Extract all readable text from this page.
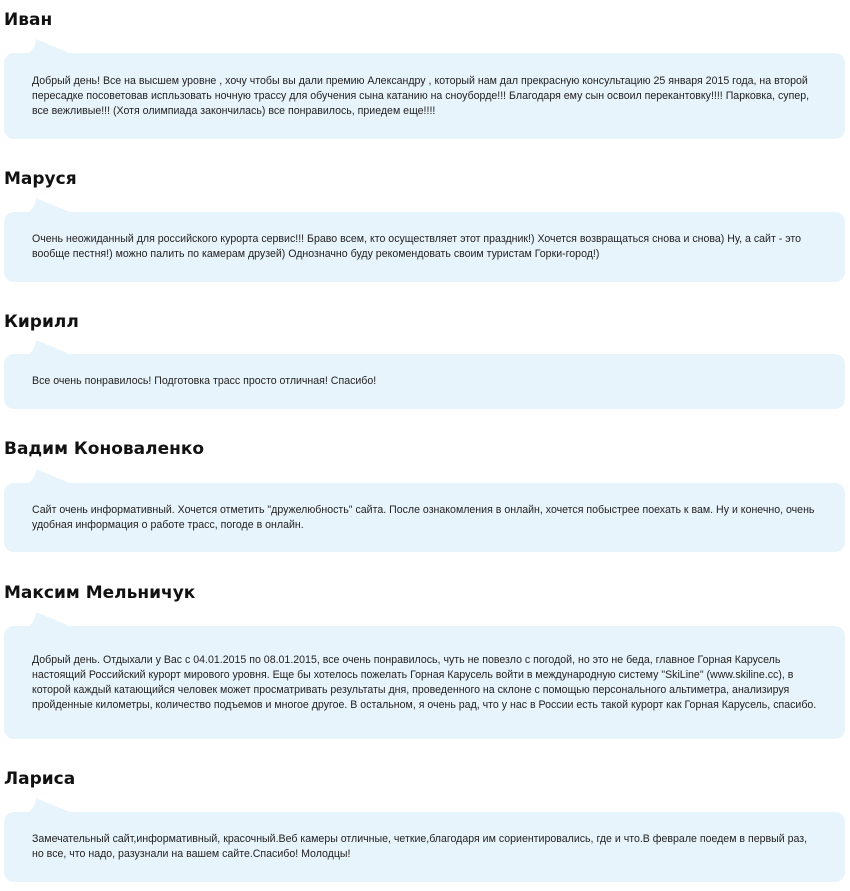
Иван

Добрый день! Все на высшем уровне , хочу чтобы вы дали премию Александру , который нам дал прекрасную консультацию 25 января 2015 года, на второй пересадке посоветовав испльзовать ночную трассу для обучения сына катанию на сноуборде!!! Благодаря ему сын освоил перекантовку!!!! Парковка, супер, все вежливые!!! (Хотя олимпиада закончилась) все понравилось, приедем еще!!!!

Маруся

Очень неожиданный для российского курорта сервис!!! Браво всем, кто осуществляет этот праздник!) Хочется возвращаться снова и снова) Ну, а сайт - это вообще пестня!) можно палить по камерам друзей) Однозначно буду рекомендовать своим туристам Горки-город!)

Кирилл

Все очень понравилось! Подготовка трасс просто отличная! Спасибо!

Вадим Коноваленко

Сайт очень информативный. Хочется отметить "дружелюбность" сайта. После ознакомления в онлайн, хочется побыстрее поехать к вам. Ну и конечно, очень удобная информация о работе трасс, погоде в онлайн.

Максим Мельничук

Добрый день. Отдыхали у Вас с 04.01.2015 по 08.01.2015, все очень понравилось, чуть не повезло с погодой, но это не беда, главное Горная Карусель настоящий Российский курорт мирового уровня. Еще бы хотелось пожелать Горная Карусель войти в международную систему "SkiLine" (www.skiline.cc), в которой каждый катающийся человек может просматривать результаты дня, проведенного на склоне с помощью персонального альтиметра, анализируя пройденные километры, количество подъемов и многое другое. В остальном, я очень рад, что у нас в России есть такой курорт как Горная Карусель, спасибо.

Лариса

Замечательный сайт,информативный, красочный.Веб камеры отличные, четкие,благодаря им сориентировались, где и что.В феврале поедем в первый раз, но все, что надо, разузнали на вашем сайте.Спасибо! Молодцы!
